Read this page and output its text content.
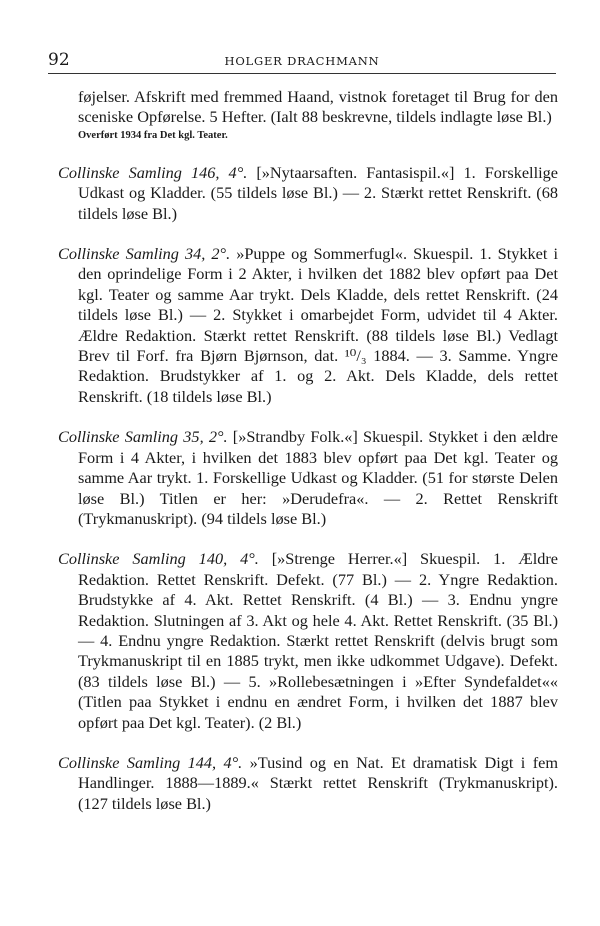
92	HOLGER DRACHMANN

føjelser. Afskrift med fremmed Haand, vistnok foretaget til Brug for den sceniske Opførelse. 5 Hefter. (Ialt 88 beskrevne, tildels indlagte løse Bl.)

Overført 1934 fra Det kgl. Teater.

Collinske Samling 146, 4°. [»Nytaarsaften. Fantasispil.«] 1. Forskellige Udkast og Kladder. (55 tildels løse Bl.) — 2. Stærkt rettet Renskrift. (68 tildels løse Bl.)

Collinske Samling 34, 2°. »Puppe og Sommerfugl«. Skuespil. 1. Stykket i den oprindelige Form i 2 Akter, i hvilken det 1882 blev opført paa Det kgl. Teater og samme Aar trykt. Dels Kladde, dels rettet Renskrift. (24 tildels løse Bl.) — 2. Stykket i omarbejdet Form, udvidet til 4 Akter. Ældre Redaktion. Stærkt rettet Renskrift. (88 tildels løse Bl.) Vedlagt Brev til Forf. fra Bjørn Bjørnson, dat. ¹⁰/₃ 1884. — 3. Samme. Yngre Redaktion. Brudstykker af 1. og 2. Akt. Dels Kladde, dels rettet Renskrift. (18 tildels løse Bl.)

Collinske Samling 35, 2°. [»Strandby Folk.«] Skuespil. Stykket i den ældre Form i 4 Akter, i hvilken det 1883 blev opført paa Det kgl. Teater og samme Aar trykt. 1. Forskellige Udkast og Kladder. (51 for største Delen løse Bl.) Titlen er her: »Derudefra«. — 2. Rettet Renskrift (Trykmanuskript). (94 tildels løse Bl.)

Collinske Samling 140, 4°. [»Strenge Herrer.«] Skuespil. 1. Ældre Redaktion. Rettet Renskrift. Defekt. (77 Bl.) — 2. Yngre Redaktion. Brudstykke af 4. Akt. Rettet Renskrift. (4 Bl.) — 3. Endnu yngre Redaktion. Slutningen af 3. Akt og hele 4. Akt. Rettet Renskrift. (35 Bl.) — 4. Endnu yngre Redaktion. Stærkt rettet Renskrift (delvis brugt som Trykmanuskript til en 1885 trykt, men ikke udkommet Udgave). Defekt. (83 tildels løse Bl.) — 5. »Rollebesætningen i »Efter Syndefaldet«« (Titlen paa Stykket i endnu en ændret Form, i hvilken det 1887 blev opført paa Det kgl. Teater). (2 Bl.)

Collinske Samling 144, 4°. »Tusind og en Nat. Et dramatisk Digt i fem Handlinger. 1888—1889.« Stærkt rettet Renskrift (Trykmanuskript). (127 tildels løse Bl.)
